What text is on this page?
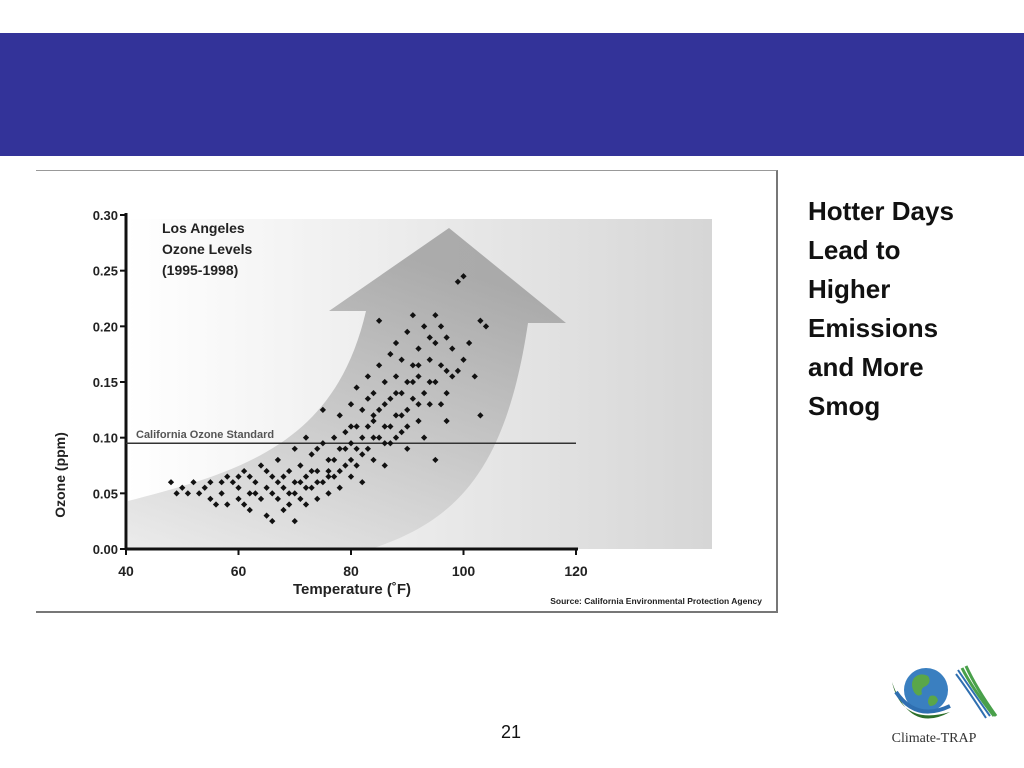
0.00
0.05
0.10
0.15
0.20
0.25
0.30
40	60	80	100	120
California Ozone Standard
Los Angeles
Ozone Levels
(1995-1998)
Ozone (ppm)
Temperature (˚F)
Source: California Environmental Protection Agency
Hotter Days
Lead to
Higher
Emissions
and More
Smog
21	Climate-TRAP
